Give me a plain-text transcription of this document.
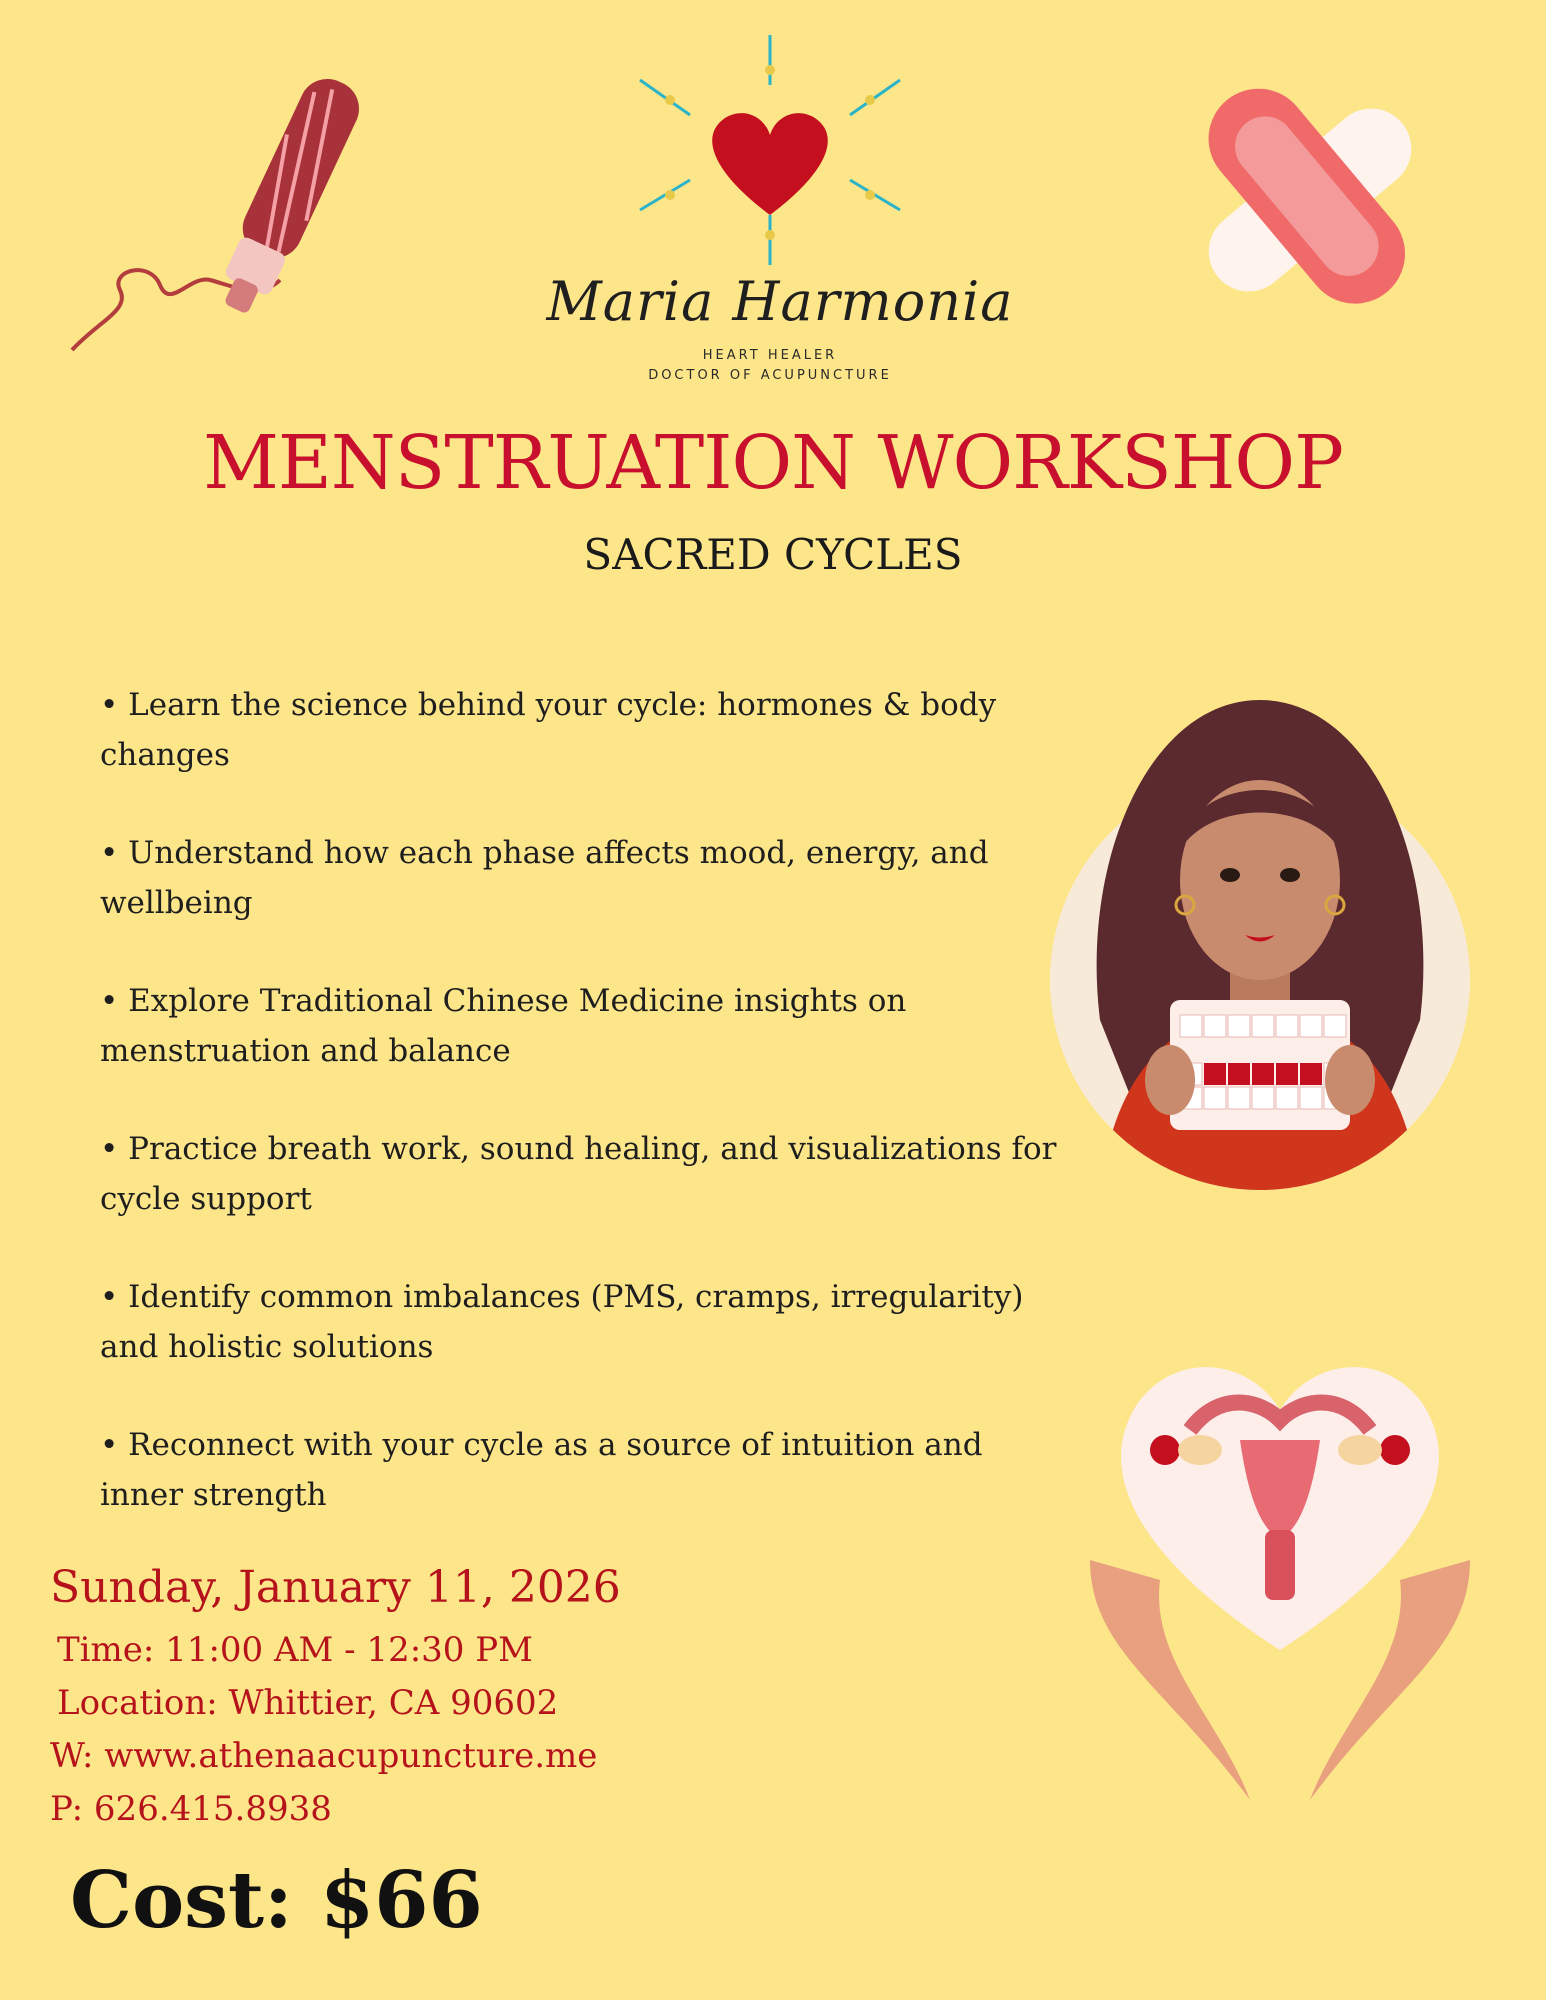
Maria Harmonia
HEART HEALER
DOCTOR OF ACUPUNCTURE
MENSTRUATION WORKSHOP
SACRED CYCLES
• Learn the science behind your cycle: hormones & body changes
• Understand how each phase affects mood, energy, and wellbeing
• Explore Traditional Chinese Medicine insights on menstruation and balance
• Practice breath work, sound healing, and visualizations for cycle support
• Identify common imbalances (PMS, cramps, irregularity) and holistic solutions
• Reconnect with your cycle as a source of intuition and inner strength
Sunday, January 11, 2026
Time: 11:00 AM - 12:30 PM
Location: Whittier, CA 90602
W: www.athenaacupuncture.me
P: 626.415.8938
Cost: $66
